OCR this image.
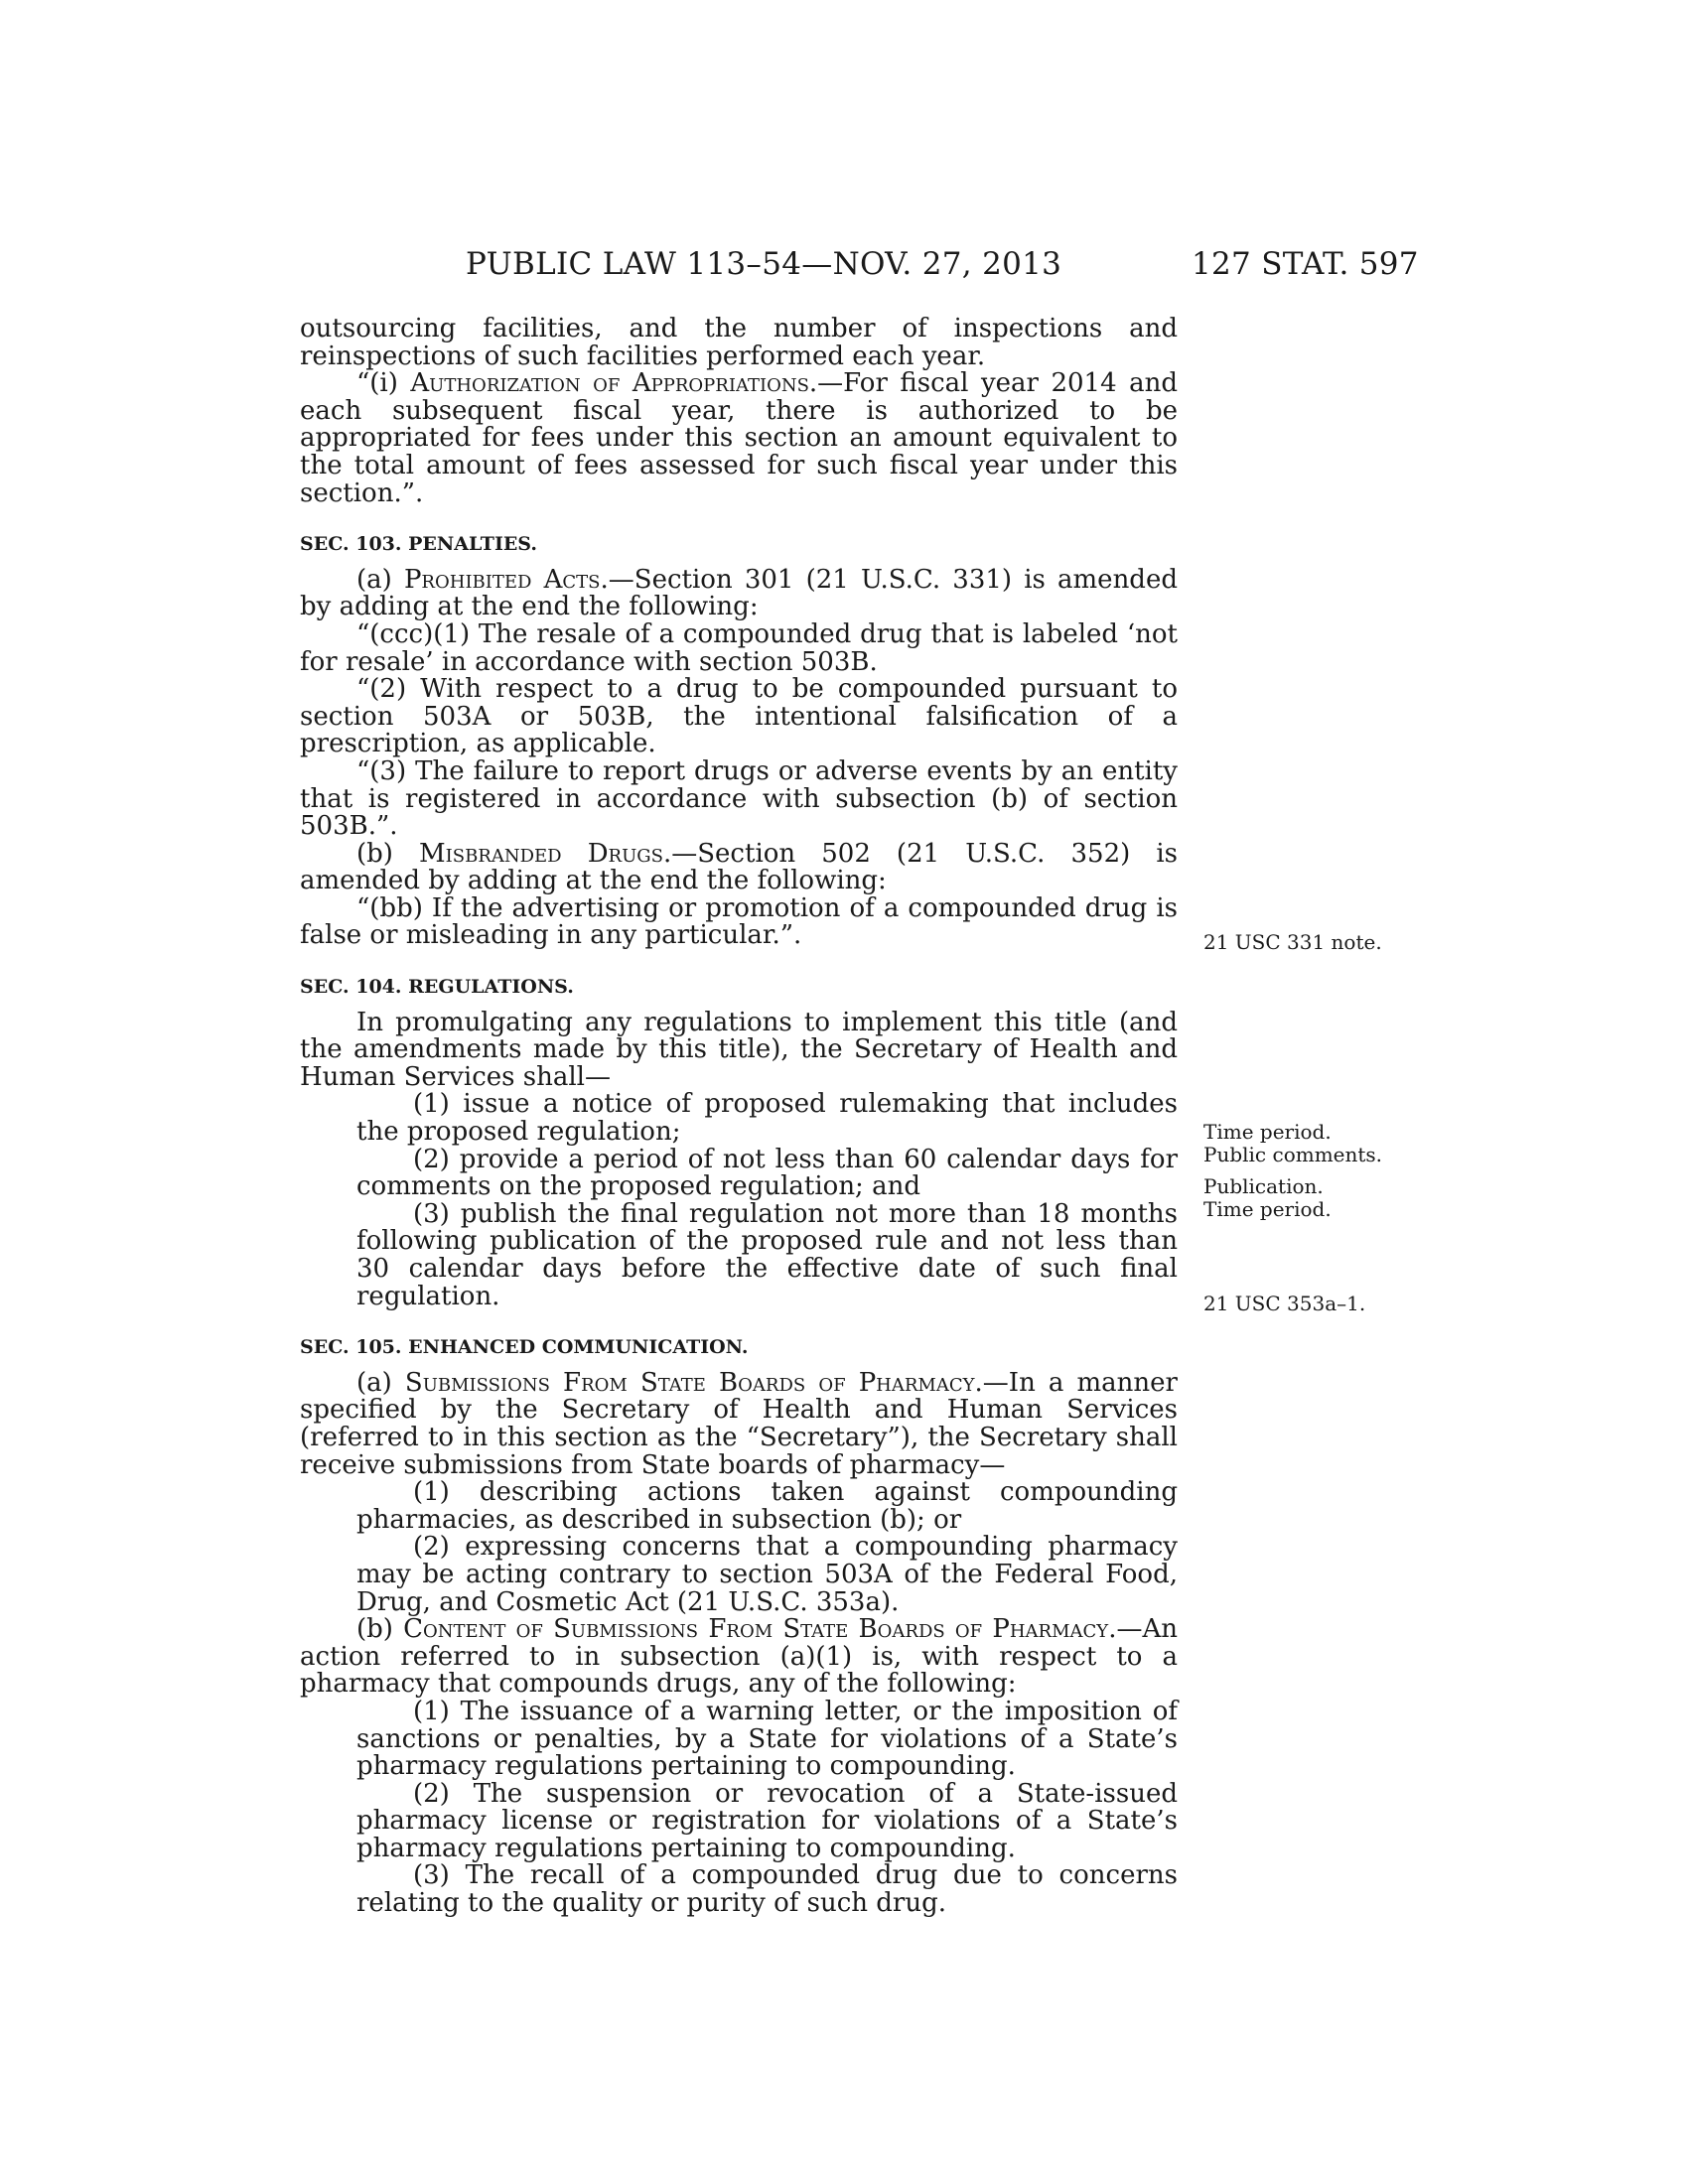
PUBLIC LAW 113–54—NOV. 27, 2013	127 STAT. 597

outsourcing facilities, and the number of inspections and reinspections of such facilities performed each year.

“(i) Authorization of Appropriations.—For fiscal year 2014 and each subsequent fiscal year, there is authorized to be appropriated for fees under this section an amount equivalent to the total amount of fees assessed for such fiscal year under this section.”.

SEC. 103. PENALTIES.

(a) Prohibited Acts.—Section 301 (21 U.S.C. 331) is amended by adding at the end the following:

“(ccc)(1) The resale of a compounded drug that is labeled ‘not for resale’ in accordance with section 503B.

“(2) With respect to a drug to be compounded pursuant to section 503A or 503B, the intentional falsification of a prescription, as applicable.

“(3) The failure to report drugs or adverse events by an entity that is registered in accordance with subsection (b) of section 503B.”.

(b) Misbranded Drugs.—Section 502 (21 U.S.C. 352) is amended by adding at the end the following:

“(bb) If the advertising or promotion of a compounded drug is false or misleading in any particular.”.

SEC. 104. REGULATIONS.

In promulgating any regulations to implement this title (and the amendments made by this title), the Secretary of Health and Human Services shall—

(1) issue a notice of proposed rulemaking that includes the proposed regulation;

(2) provide a period of not less than 60 calendar days for comments on the proposed regulation; and

(3) publish the final regulation not more than 18 months following publication of the proposed rule and not less than 30 calendar days before the effective date of such final regulation.

SEC. 105. ENHANCED COMMUNICATION.

(a) Submissions From State Boards of Pharmacy.—In a manner specified by the Secretary of Health and Human Services (referred to in this section as the “Secretary”), the Secretary shall receive submissions from State boards of pharmacy—

(1) describing actions taken against compounding pharmacies, as described in subsection (b); or

(2) expressing concerns that a compounding pharmacy may be acting contrary to section 503A of the Federal Food, Drug, and Cosmetic Act (21 U.S.C. 353a).

(b) Content of Submissions From State Boards of Pharmacy.—An action referred to in subsection (a)(1) is, with respect to a pharmacy that compounds drugs, any of the following:

(1) The issuance of a warning letter, or the imposition of sanctions or penalties, by a State for violations of a State’s pharmacy regulations pertaining to compounding.

(2) The suspension or revocation of a State-issued pharmacy license or registration for violations of a State’s pharmacy regulations pertaining to compounding.

(3) The recall of a compounded drug due to concerns relating to the quality or purity of such drug.

21 USC 331 note.
Time period.
Public comments.
Publication.
Time period.
21 USC 353a–1.
